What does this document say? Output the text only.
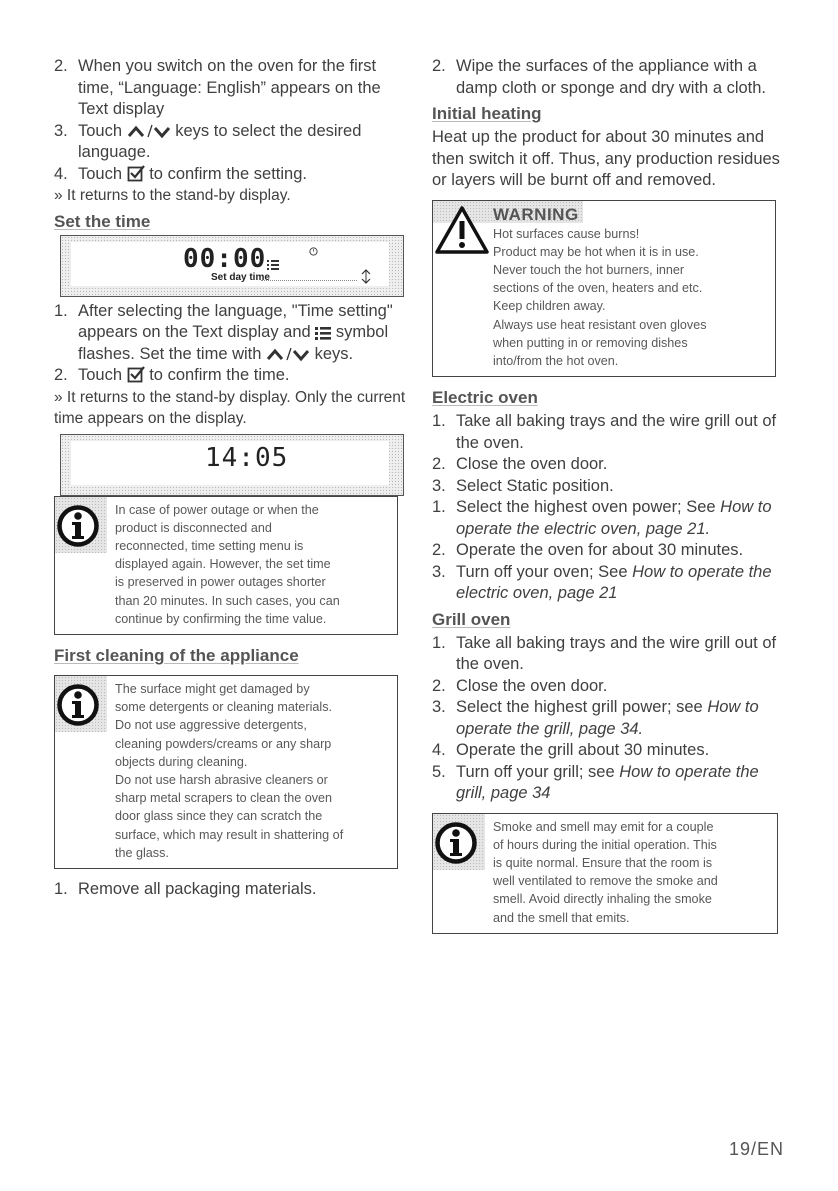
2. When you switch on the oven for the first time, “Language: English” appears on the Text display

3. Touch	keys to select the desired language.

4. Touch to confirm the setting.

» It returns to the stand-by display.

Set the time
00:00
Set day time

1. After selecting the language, "Time setting" appears on the Text display and symbol flashes. Set the time with	keys.

2. Touch to confirm the time.

» It returns to the stand-by display. Only the current time appears on the display.

14:05
In case of power outage or when the
product is disconnected and
reconnected, time setting menu is
displayed again. However, the set time
is preserved in power outages shorter
than 20 minutes. In such cases, you can
continue by confirming the time value.
First cleaning of the appliance
The surface might get damaged by
some detergents or cleaning materials.
Do not use aggressive detergents,
cleaning powders/creams or any sharp
objects during cleaning.
Do not use harsh abrasive cleaners or
sharp metal scrapers to clean the oven
door glass since they can scratch the
surface, which may result in shattering of
the glass.

1. Remove all packaging materials.

2. Wipe the surfaces of the appliance with a damp cloth or sponge and dry with a cloth.

Initial heating

Heat up the product for about 30 minutes and then switch it off. Thus, any production residues or layers will be burnt off and removed.

WARNING
Hot surfaces cause burns!
Product may be hot when it is in use.
Never touch the hot burners, inner
sections of the oven, heaters and etc.
Keep children away.
Always use heat resistant oven gloves
when putting in or removing dishes
into/from the hot oven.
Electric oven

1. Take all baking trays and the wire grill out of the oven.

2. Close the oven door.

3. Select Static position.

1. Select the highest oven power; See How to operate the electric oven, page 21.

2. Operate the oven for about 30 minutes.

3. Turn off your oven; See How to operate the electric oven, page 21

Grill oven

1. Take all baking trays and the wire grill out of the oven.

2. Close the oven door.

3. Select the highest grill power; see How to operate the grill, page 34.

4. Operate the grill about 30 minutes.

5. Turn off your grill; see How to operate the grill, page 34

Smoke and smell may emit for a couple
of hours during the initial operation. This
is quite normal. Ensure that the room is
well ventilated to remove the smoke and
smell. Avoid directly inhaling the smoke
and the smell that emits.
19/EN
